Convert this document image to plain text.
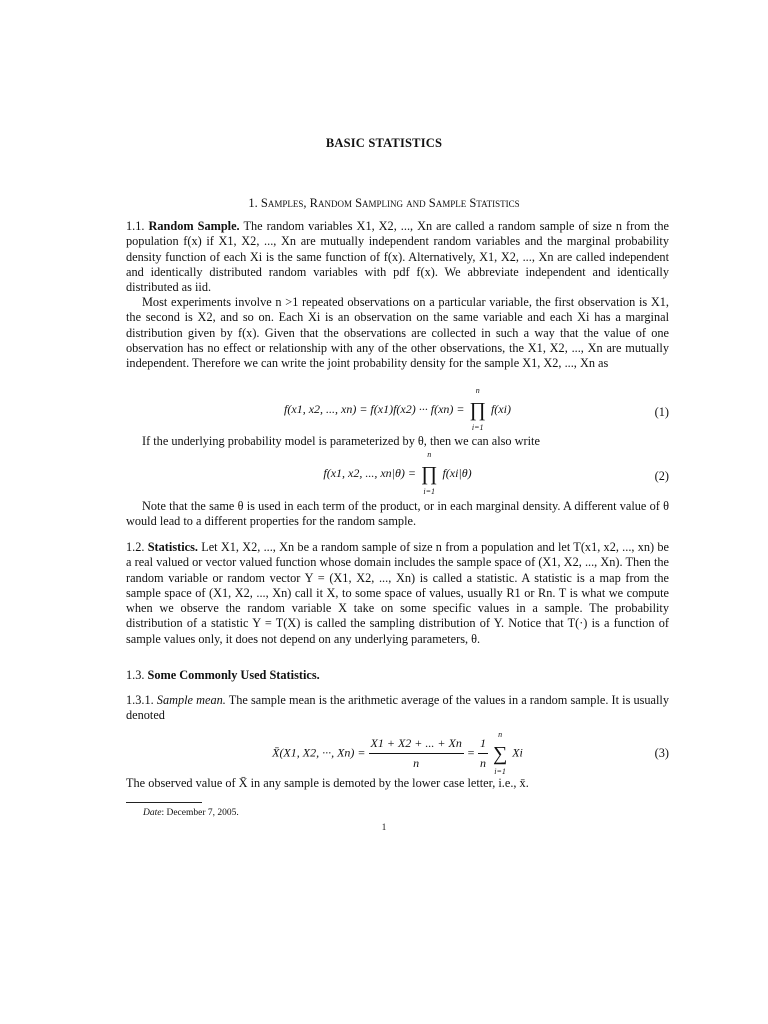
BASIC STATISTICS
1. Samples, Random Sampling and Sample Statistics
1.1. Random Sample. The random variables X1, X2, ..., Xn are called a random sample of size n from the population f(x) if X1, X2, ..., Xn are mutually independent random variables and the marginal probability density function of each Xi is the same function of f(x). Alternatively, X1, X2, ..., Xn are called independent and identically distributed random variables with pdf f(x). We abbreviate independent and identically distributed as iid.
Most experiments involve n >1 repeated observations on a particular variable, the first observation is X1, the second is X2, and so on. Each Xi is an observation on the same variable and each Xi has a marginal distribution given by f(x). Given that the observations are collected in such a way that the value of one observation has no effect or relationship with any of the other observations, the X1, X2, ..., Xn are mutually independent. Therefore we can write the joint probability density for the sample X1, X2, ..., Xn as
f(x1, x2, ..., xn) = f(x1)f(x2) ··· f(xn) = ∏
n
i=1
f(xi)	(1)
If the underlying probability model is parameterized by θ, then we can also write
f(x1, x2, ..., xn|θ) = ∏
n
i=1
f(xi|θ)	(2)
Note that the same θ is used in each term of the product, or in each marginal density. A different value of θ would lead to a different properties for the random sample.
1.2. Statistics. Let X1, X2, ..., Xn be a random sample of size n from a population and let T(x1, x2, ..., xn) be a real valued or vector valued function whose domain includes the sample space of (X1, X2, ..., Xn). Then the random variable or random vector Y = (X1, X2, ..., Xn) is called a statistic. A statistic is a map from the sample space of (X1, X2, ..., Xn) call it X, to some space of values, usually R1 or Rn. T is what we compute when we observe the random variable X take on some specific values in a sample. The probability distribution of a statistic Y = T(X) is called the sampling distribution of Y. Notice that T(·) is a function of sample values only, it does not depend on any underlying parameters, θ.
1.3. Some Commonly Used Statistics.
1.3.1. Sample mean. The sample mean is the arithmetic average of the values in a random sample. It is usually denoted
X̄(X1, X2, ···, $Xn) = \frac{X1 + X2 + ... + Xn}{n} = \frac{1}{n}$ ∑
n
i=1
Xi	(3)
The observed value of X̄ in any sample is demoted by the lower case letter, i.e., x̄.
Date: December 7, 2005.
1
